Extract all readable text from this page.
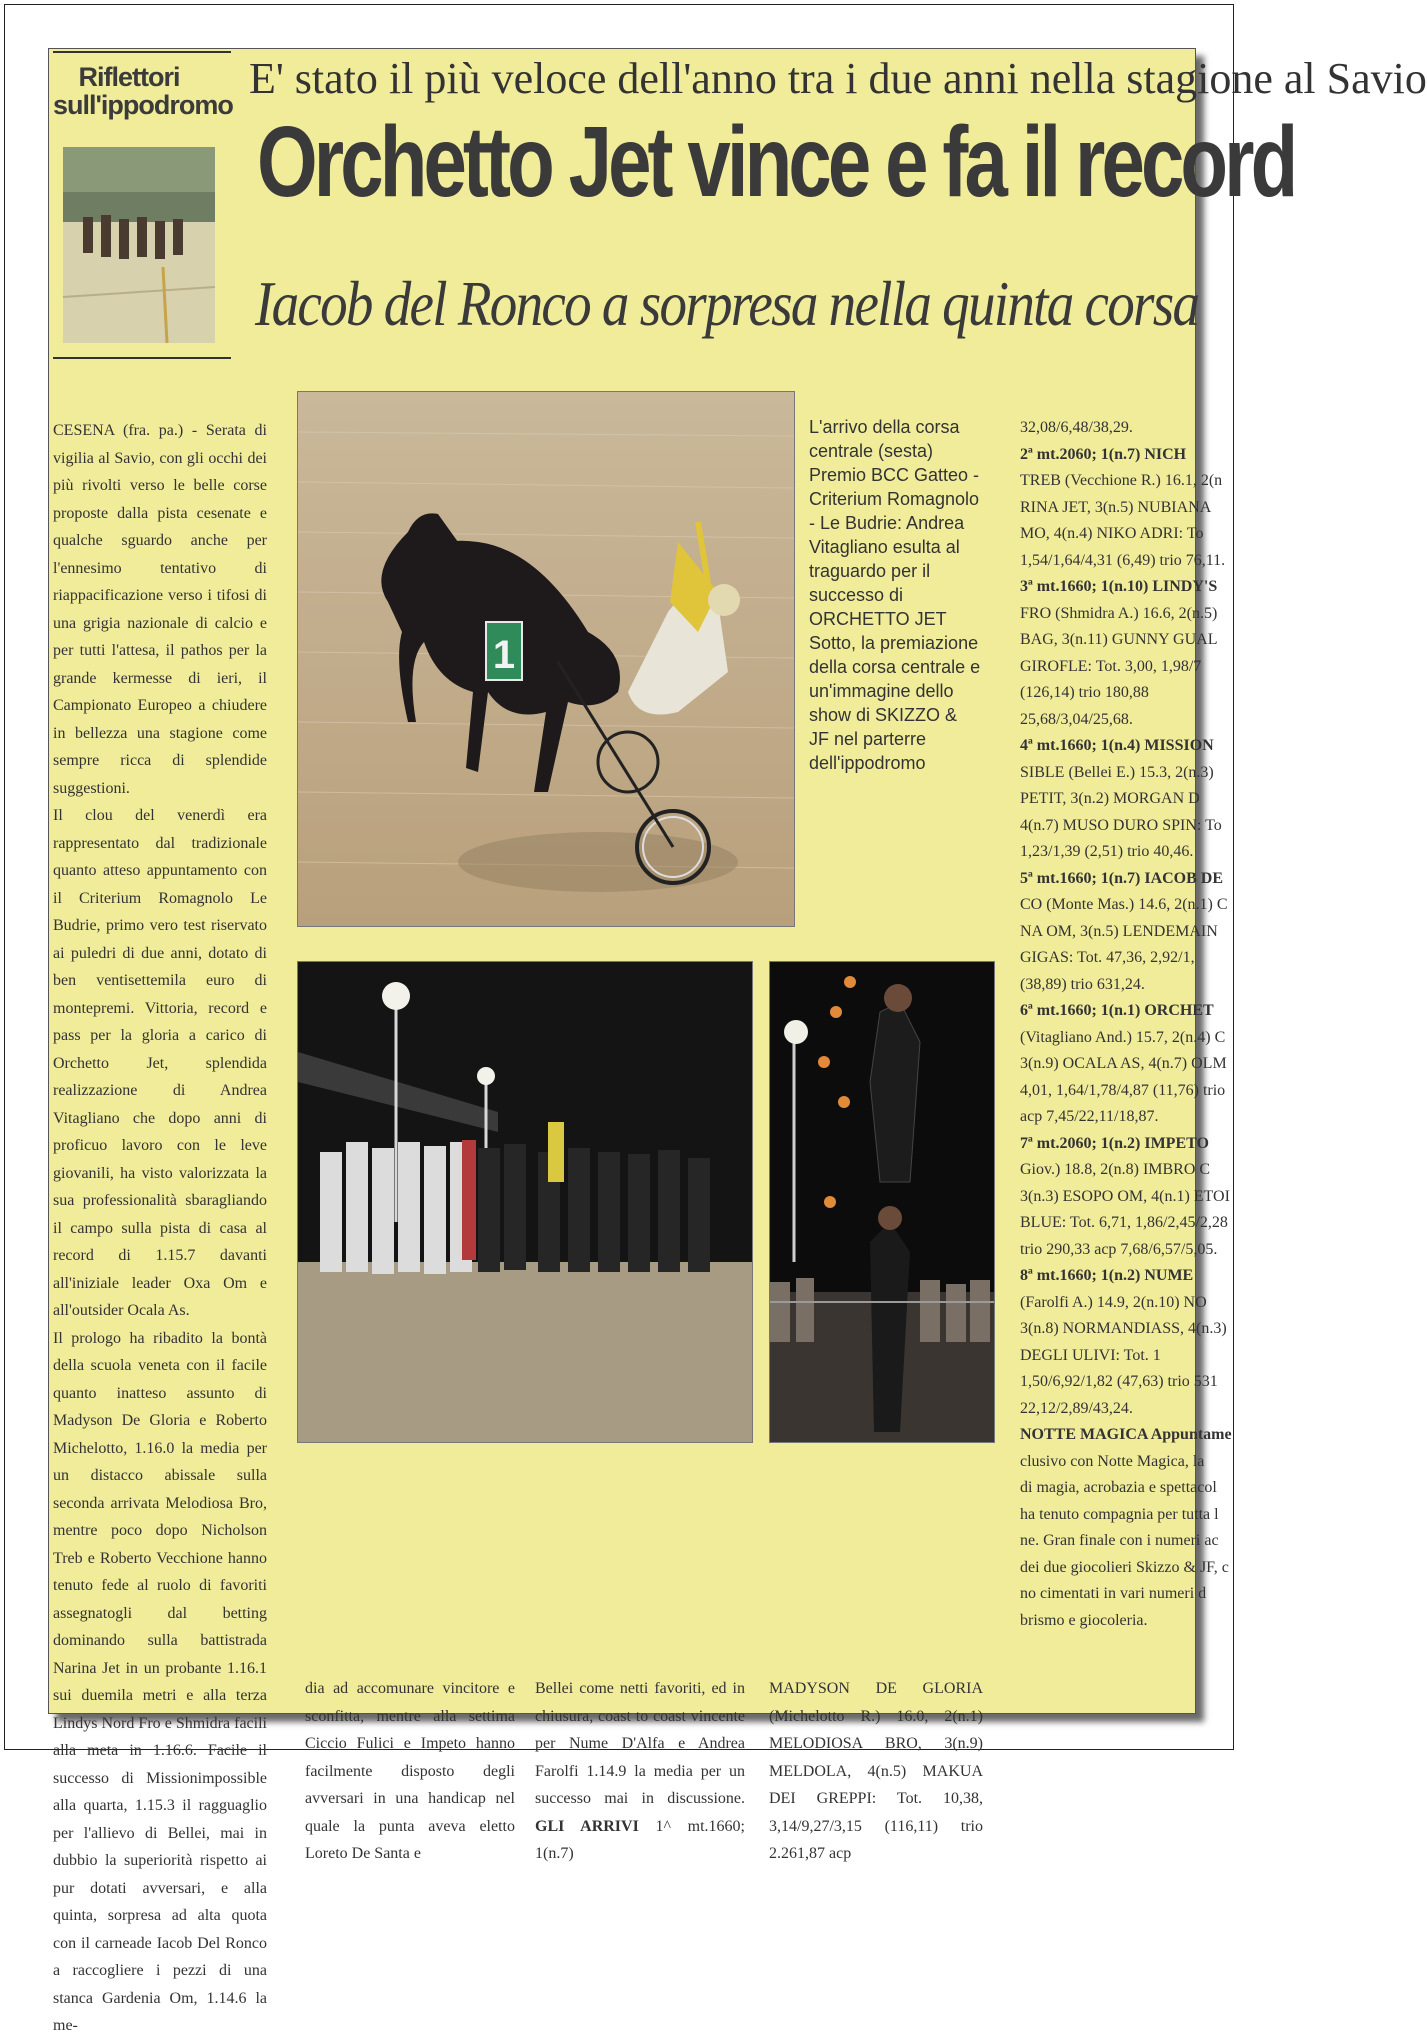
Riflettori
sull'ippodromo
E' stato il più veloce dell'anno tra i due anni nella stagione al Savio
Orchetto Jet vince e fa il record
Iacob del Ronco a sorpresa nella quinta corsa

CESENA (fra. pa.) - Serata di vigilia al Savio, con gli occhi dei più rivolti verso le belle corse proposte dalla pista cesenate e qualche sguardo anche per l'ennesimo tentativo di riappacificazione verso i tifosi di una grigia nazionale di calcio e per tutti l'attesa, il pathos per la grande kermesse di ieri, il Campionato Europeo a chiudere in bellezza una stagione come sempre ricca di splendide suggestioni.

Il clou del venerdì era rappresentato dal tradizionale quanto atteso appuntamento con il Criterium Romagnolo Le Budrie, primo vero test riservato ai puledri di due anni, dotato di ben ventisettemila euro di montepremi. Vittoria, record e pass per la gloria a carico di Orchetto Jet, splendida realizzazione di Andrea Vitagliano che dopo anni di proficuo lavoro con le leve giovanili, ha visto valorizzata la sua professionalità sbaragliando il campo sulla pista di casa al record di 1.15.7 davanti all'iniziale leader Oxa Om e all'outsider Ocala As.

Il prologo ha ribadito la bontà della scuola veneta con il facile quanto inatteso assunto di Madyson De Gloria e Roberto Michelotto, 1.16.0 la media per un distacco abissale sulla seconda arrivata Melodiosa Bro, mentre poco dopo Nicholson Treb e Roberto Vecchione hanno tenuto fede al ruolo di favoriti assegnatogli dal betting dominando sulla battistrada Narina Jet in un probante 1.16.1 sui duemila metri e alla terza Lindys Nord Fro e Shmidra facili alla meta in 1.16.6. Facile il successo di Missionimpossible alla quarta, 1.15.3 il ragguaglio per l'allievo di Bellei, mai in dubbio la superiorità rispetto ai pur dotati avversari, e alla quinta, sorpresa ad alta quota con il carneade Iacob Del Ronco a raccogliere i pezzi di una stanca Gardenia Om, 1.14.6 la me-

1
L'arrivo della corsa centrale (sesta) Premio BCC Gatteo - Criterium Romagnolo - Le Budrie: Andrea Vitagliano esulta al traguardo per il successo di ORCHETTO JET Sotto, la premiazione della corsa centrale e un'immagine dello show di SKIZZO & JF nel parterre dell'ippodromo
32,08/6,48/38,29.
2ª mt.2060; 1(n.7) NICH
TREB (Vecchione R.) 16.1, 2(n
RINA JET, 3(n.5) NUBIANA
MO, 4(n.4) NIKO ADRI: To
1,54/1,64/4,31 (6,49) trio 76,11.
3ª mt.1660; 1(n.10) LINDY'S
FRO (Shmidra A.) 16.6, 2(n.5)
BAG, 3(n.11) GUNNY GUAL
GIROFLE: Tot. 3,00, 1,98/7
(126,14) trio 180,88
25,68/3,04/25,68.
4ª mt.1660; 1(n.4) MISSION
SIBLE (Bellei E.) 15.3, 2(n.3)
PETIT, 3(n.2) MORGAN D
4(n.7) MUSO DURO SPIN: To
1,23/1,39 (2,51) trio 40,46.
5ª mt.1660; 1(n.7) IACOB DE
CO (Monte Mas.) 14.6, 2(n.1) C
NA OM, 3(n.5) LENDEMAIN
GIGAS: Tot. 47,36, 2,92/1,
(38,89) trio 631,24.
6ª mt.1660; 1(n.1) ORCHET
(Vitagliano And.) 15.7, 2(n.4) C
3(n.9) OCALA AS, 4(n.7) OLM
4,01, 1,64/1,78/4,87 (11,76) trio
acp 7,45/22,11/18,87.
7ª mt.2060; 1(n.2) IMPETO
Giov.) 18.8, 2(n.8) IMBRO C
3(n.3) ESOPO OM, 4(n.1) ETOI
BLUE: Tot. 6,71, 1,86/2,45/2,28
trio 290,33 acp 7,68/6,57/5,05.
8ª mt.1660; 1(n.2) NUME
(Farolfi A.) 14.9, 2(n.10) NO
3(n.8) NORMANDIASS, 4(n.3)
DEGLI ULIVI: Tot. 1
1,50/6,92/1,82 (47,63) trio 531
22,12/2,89/43,24.
NOTTE MAGICA Appuntame
clusivo con Notte Magica, la
di magia, acrobazia e spettacol
ha tenuto compagnia per tutta l
ne. Gran finale con i numeri ac
dei due giocolieri Skizzo & JF, c
no cimentati in vari numeri d
brismo e giocoleria.

dia ad accomunare vincitore e sconfitta, mentre alla settima Ciccio Fulici e Impeto hanno facilmente disposto degli avversari in una handicap nel quale la punta aveva eletto Loreto De Santa e

Bellei come netti favoriti, ed in chiusura, coast to coast vincente per Nume D'Alfa e Andrea Farolfi 1.14.9 la media per un successo mai in discussione. GLI ARRIVI 1^ mt.1660; 1(n.7)

MADYSON DE GLORIA (Michelotto R.) 16.0, 2(n.1) MELODIOSA BRO, 3(n.9) MELDOLA, 4(n.5) MAKUA DEI GREPPI: Tot. 10,38, 3,14/9,27/3,15 (116,11) trio 2.261,87 acp
